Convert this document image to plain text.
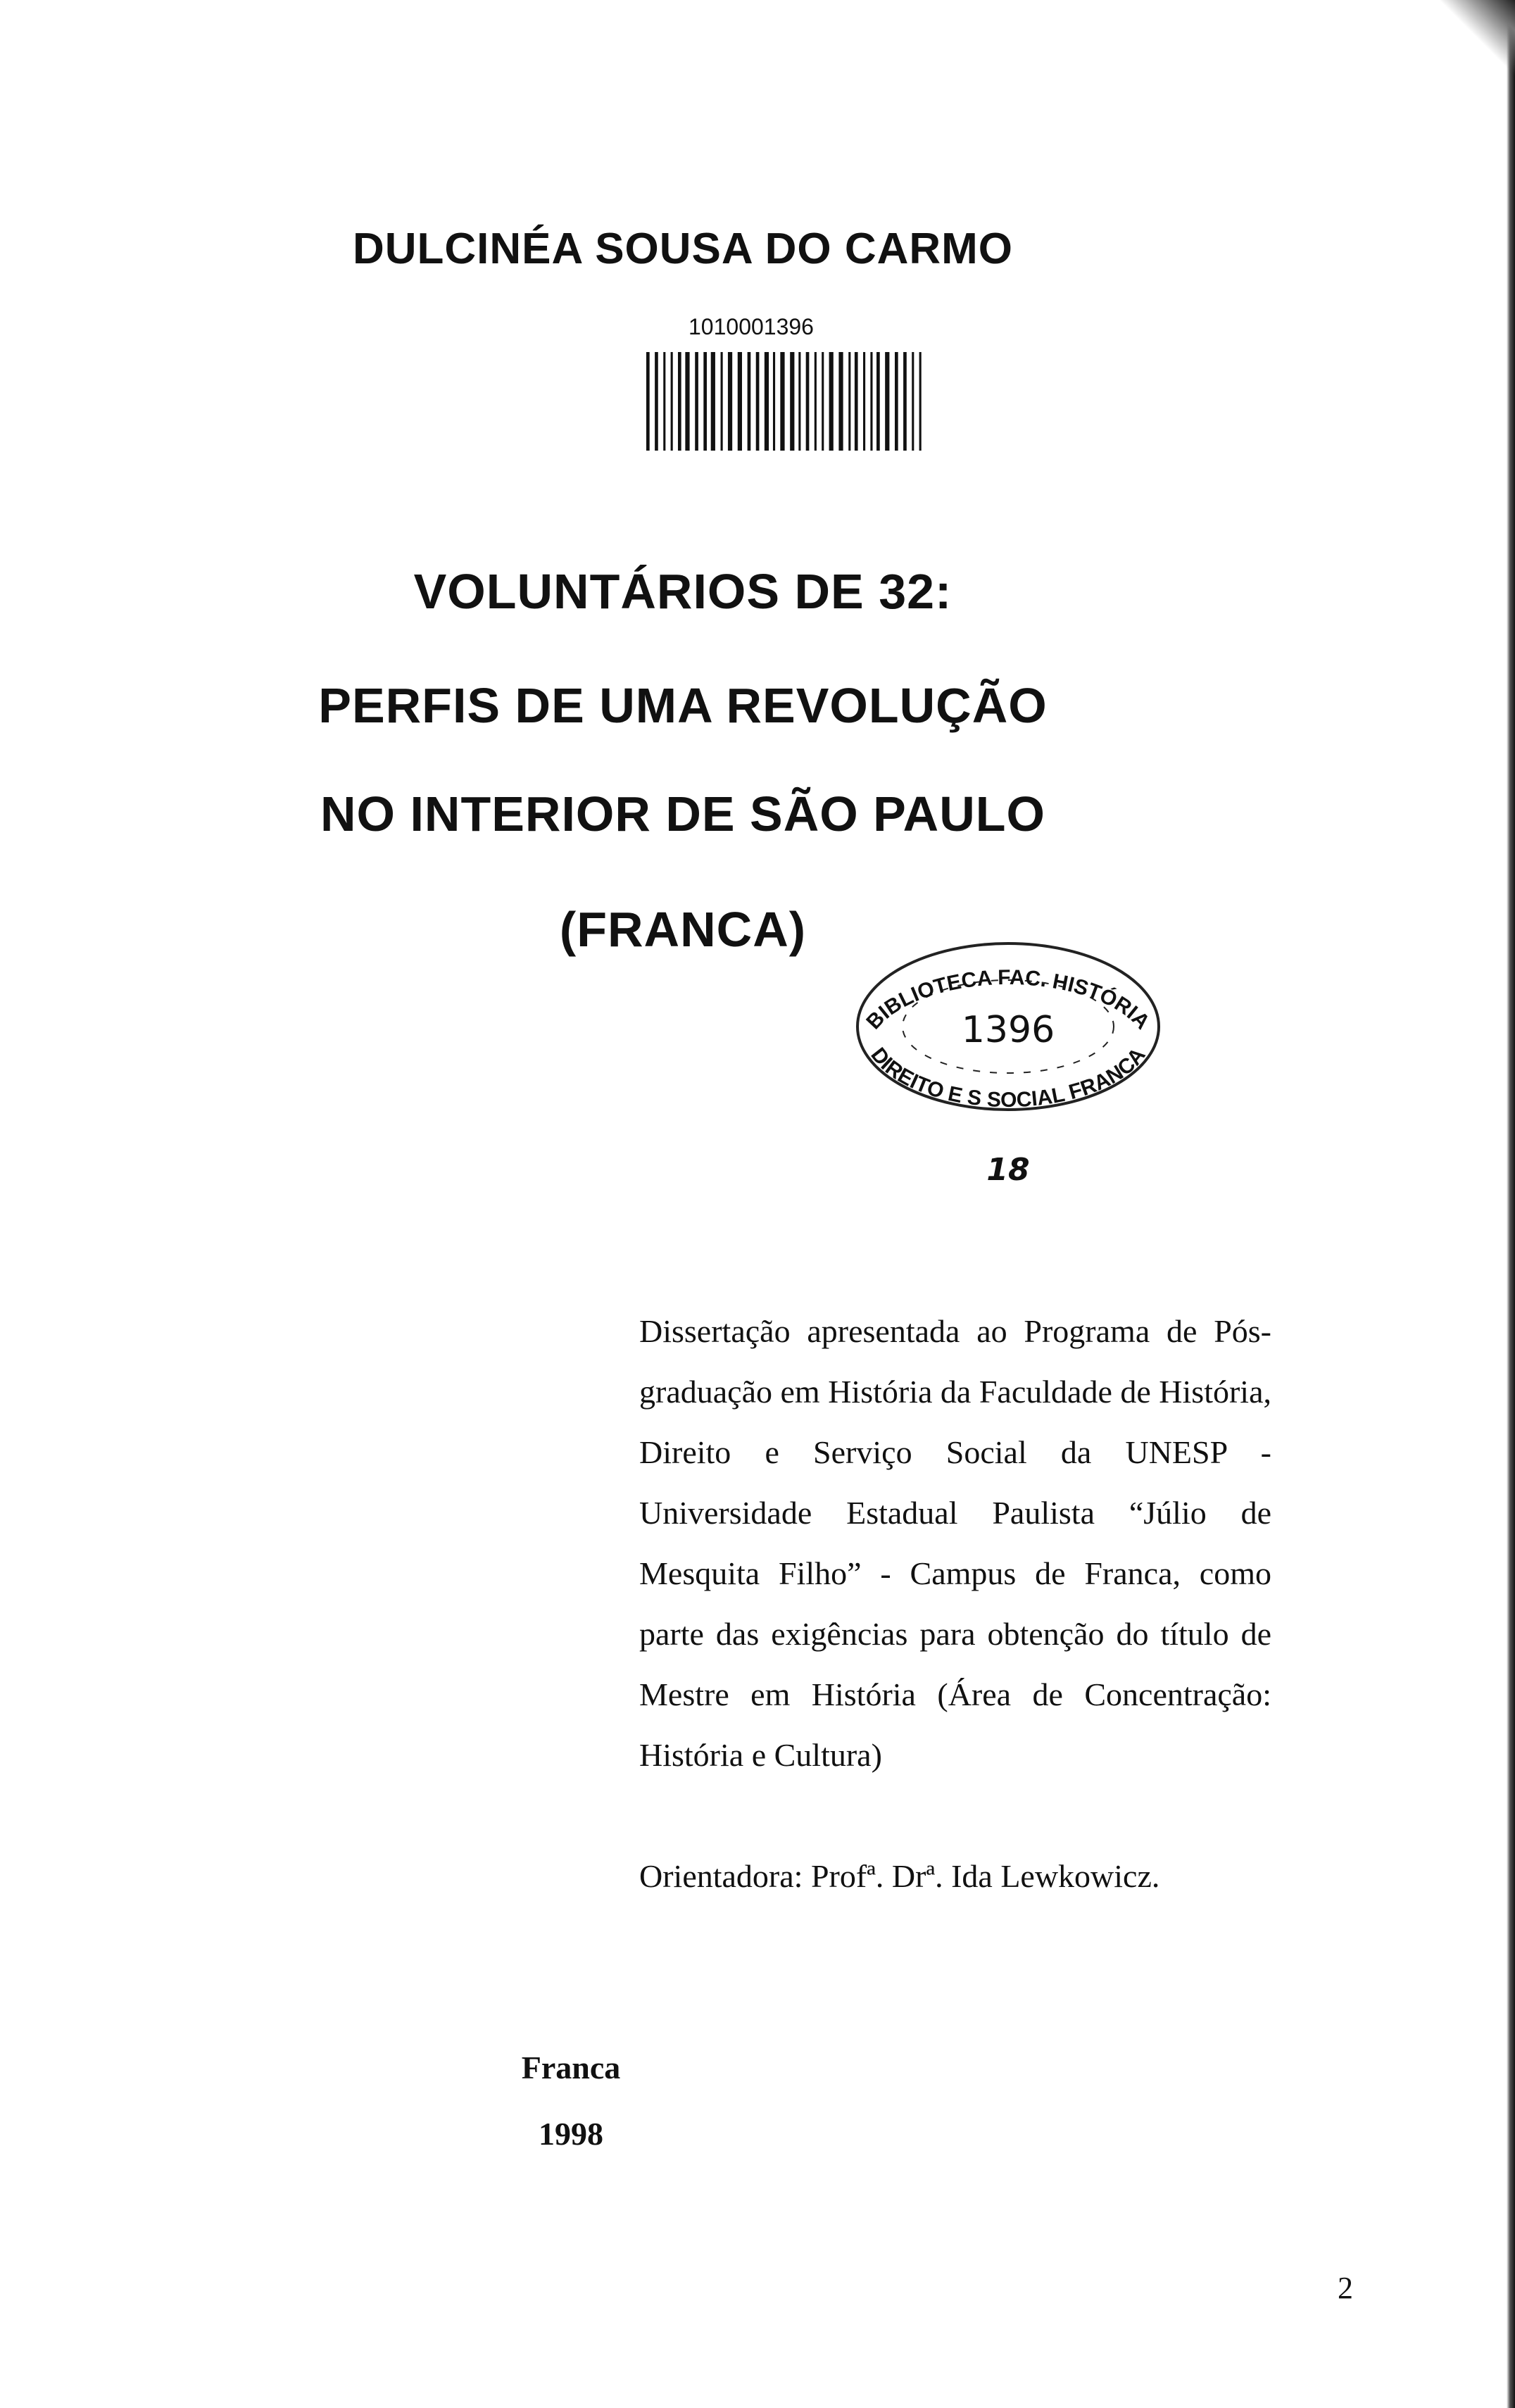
DULCINÉA SOUSA DO CARMO
1010001396
VOLUNTÁRIOS DE 32:
PERFIS DE UMA REVOLUÇÃO
NO INTERIOR DE SÃO PAULO
(FRANCA)
BIBLIOTECA FAC. HISTÓRIA
DIREITO E S SOCIAL FRANCA
1396
18
Dissertação apresentada ao Programa de Pós-graduação em História da Faculdade de História, Direito e Serviço Social da UNESP - Universidade Estadual Paulista “Júlio de Mesquita Filho” - Campus de Franca, como parte das exigências para obtenção do título de Mestre em História (Área de Concentração: História e Cultura)
Orientadora: Profª. Drª. Ida Lewkowicz.
Franca
1998
2
